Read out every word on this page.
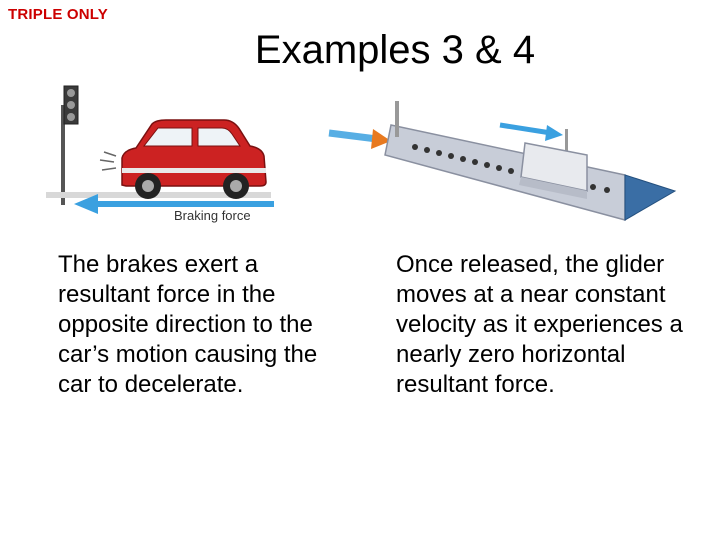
TRIPLE ONLY
Examples 3 & 4
Braking force
The brakes exert a resultant force in the opposite direction to the car’s motion causing the car to decelerate.
Once released, the glider moves at a near constant velocity as it experiences a nearly zero horizontal resultant force.
